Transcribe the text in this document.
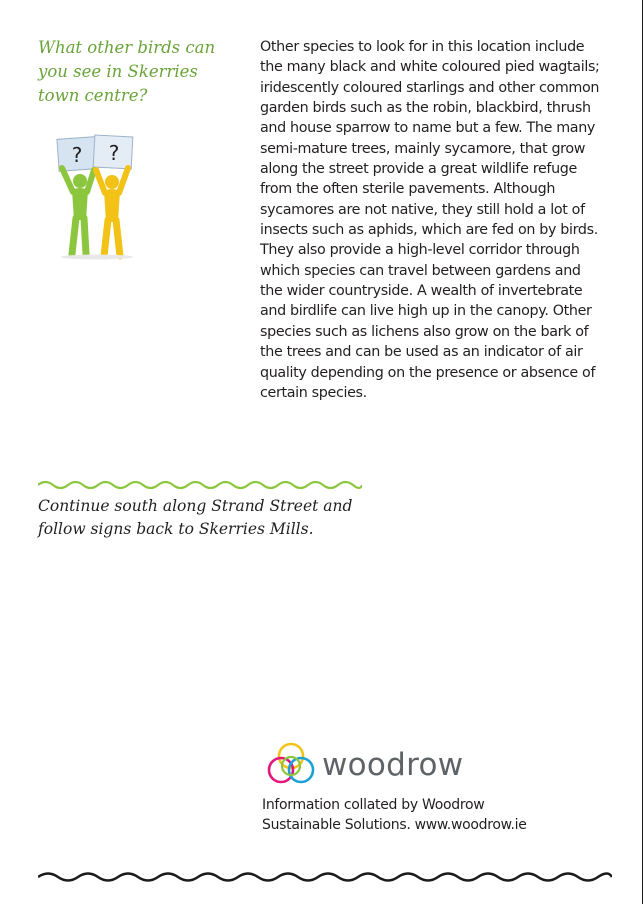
What other birds can you see in Skerries town centre?
? ?

Other species to look for in this location include the many black and white coloured pied wagtails; iridescently coloured starlings and other common garden birds such as the robin, blackbird, thrush and house sparrow to name but a few. The many semi-mature trees, mainly sycamore, that grow along the street provide a great wildlife refuge from the often sterile pavements. Although sycamores are not native, they still hold a lot of insects such as aphids, which are fed on by birds. They also provide a high-level corridor through which species can travel between gardens and the wider countryside. A wealth of invertebrate and birdlife can live high up in the canopy. Other species such as lichens also grow on the bark of the trees and can be used as an indicator of air quality depending on the presence or absence of certain species.

Continue south along Strand Street and follow signs back to Skerries Mills.
woodrow
Information collated by Woodrow
Sustainable Solutions. www.woodrow.ie
